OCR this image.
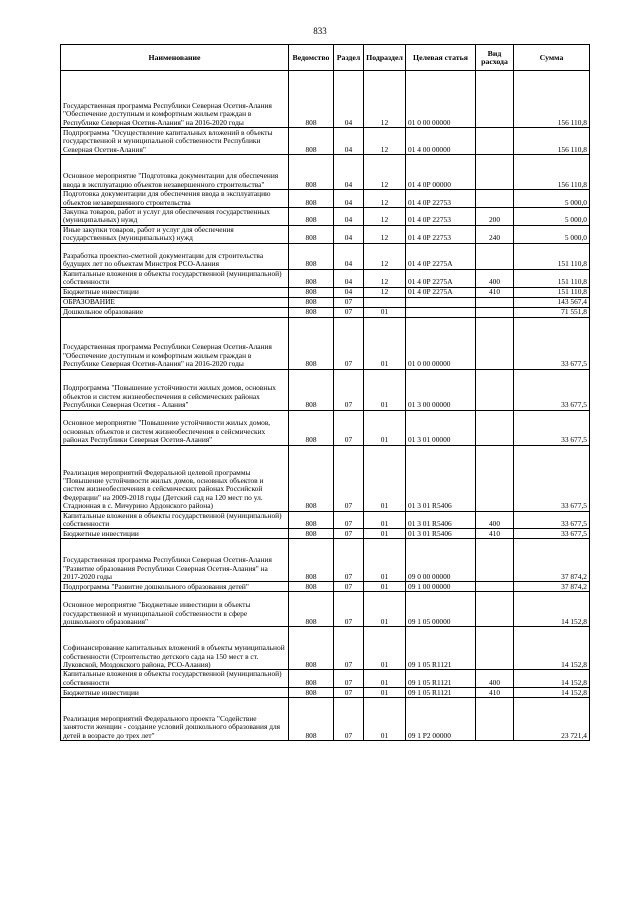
833
Наименование	Ведомство	Раздел	Подраздел	Целевая статья	Вид расхода	Сумма
Государственная программа Республики Северная Осетия-Алания "Обеспечение доступным и комфортным жильем граждан в Республике Северная Осетия-Алания" на 2016-2020 годы	808	04	12	01 0 00 00000		156 110,8
Подпрограмма "Осуществление капитальных вложений в объекты государственной и муниципальной собственности Республики Северная Осетия-Алания"	808	04	12	01 4 00 00000		156 110,8
Основное мероприятие "Подготовка документации для обеспечения ввода в эксплуатацию объектов незавершенного строительства"	808	04	12	01 4 0Р 00000		156 110,8
Подготовка документации для обеспечения ввода в эксплуатацию объектов незавершенного строительства	808	04	12	01 4 0Р 22753		5 000,0
Закупка товаров, работ и услуг для обеспечения государственных (муниципальных) нужд	808	04	12	01 4 0Р 22753	200	5 000,0
Иные закупки товаров, работ и услуг для обеспечения государственных (муниципальных) нужд	808	04	12	01 4 0Р 22753	240	5 000,0
Разработка проектно-сметной документации для строительства будущих лет по объектам Минстроя РСО-Алания	808	04	12	01 4 0Р 2275А		151 110,8
Капитальные вложения в объекты государственной (муниципальной) собственности	808	04	12	01 4 0Р 2275А	400	151 110,8
Бюджетные инвестиции	808	04	12	01 4 0Р 2275А	410	151 110,8
ОБРАЗОВАНИЕ	808	07				143 567,4
Дошкольное образование	808	07	01			71 551,8
Государственная программа Республики Северная Осетия-Алания "Обеспечение доступным и комфортным жильем граждан в Республике Северная Осетия-Алания" на 2016-2020 годы	808	07	01	01 0 00 00000		33 677,5
Подпрограмма "Повышение устойчивости жилых домов, основных объектов и систем жизнеобеспечения в сейсмических районах Республики Северная Осетия - Алания"	808	07	01	01 3 00 00000		33 677,5
Основное мероприятие "Повышение устойчивости жилых домов, основных объектов и систем жизнеобеспечения в сейсмических районах Республики Северная Осетия-Алания"	808	07	01	01 3 01 00000		33 677,5
Реализация мероприятий Федеральной целевой программы "Повышение устойчивости жилых домов, основных объектов и систем жизнеобеспечения в сейсмических районах Российской Федерации" на 2009-2018 годы (Детский сад на 120 мест по ул. Стадионная в с. Мичурино Ардонского района)	808	07	01	01 3 01 R5406		33 677,5
Капитальные вложения в объекты государственной (муниципальной) собственности	808	07	01	01 3 01 R5406	400	33 677,5
Бюджетные инвестиции	808	07	01	01 3 01 R5406	410	33 677,5
Государственная программа Республики Северная Осетия-Алания "Развитие образования Республики Северная Осетия-Алания" на 2017-2020 годы	808	07	01	09 0 00 00000		37 874,2
Подпрограмма "Развитие дошкольного образования детей"	808	07	01	09 1 00 00000		37 874,2
Основное мероприятие "Бюджетные инвестиции в объекты государственной и муниципальной собственности в сфере дошкольного образования"	808	07	01	09 1 05 00000		14 152,8
Софинансирование капитальных вложений в объекты муниципальной собственности (Строительство детского сада на 150 мест в ст. Луковской, Моздокского района, РСО-Алания)	808	07	01	09 1 05 R1121		14 152,8
Капитальные вложения в объекты государственной (муниципальной) собственности	808	07	01	09 1 05 R1121	400	14 152,8
Бюджетные инвестиции	808	07	01	09 1 05 R1121	410	14 152,8
Реализация мероприятий Федерального проекта "Содействие занятости женщин - создание условий дошкольного образования для детей в возрасте до трех лет"	808	07	01	09 1 Р2 00000		23 721,4
